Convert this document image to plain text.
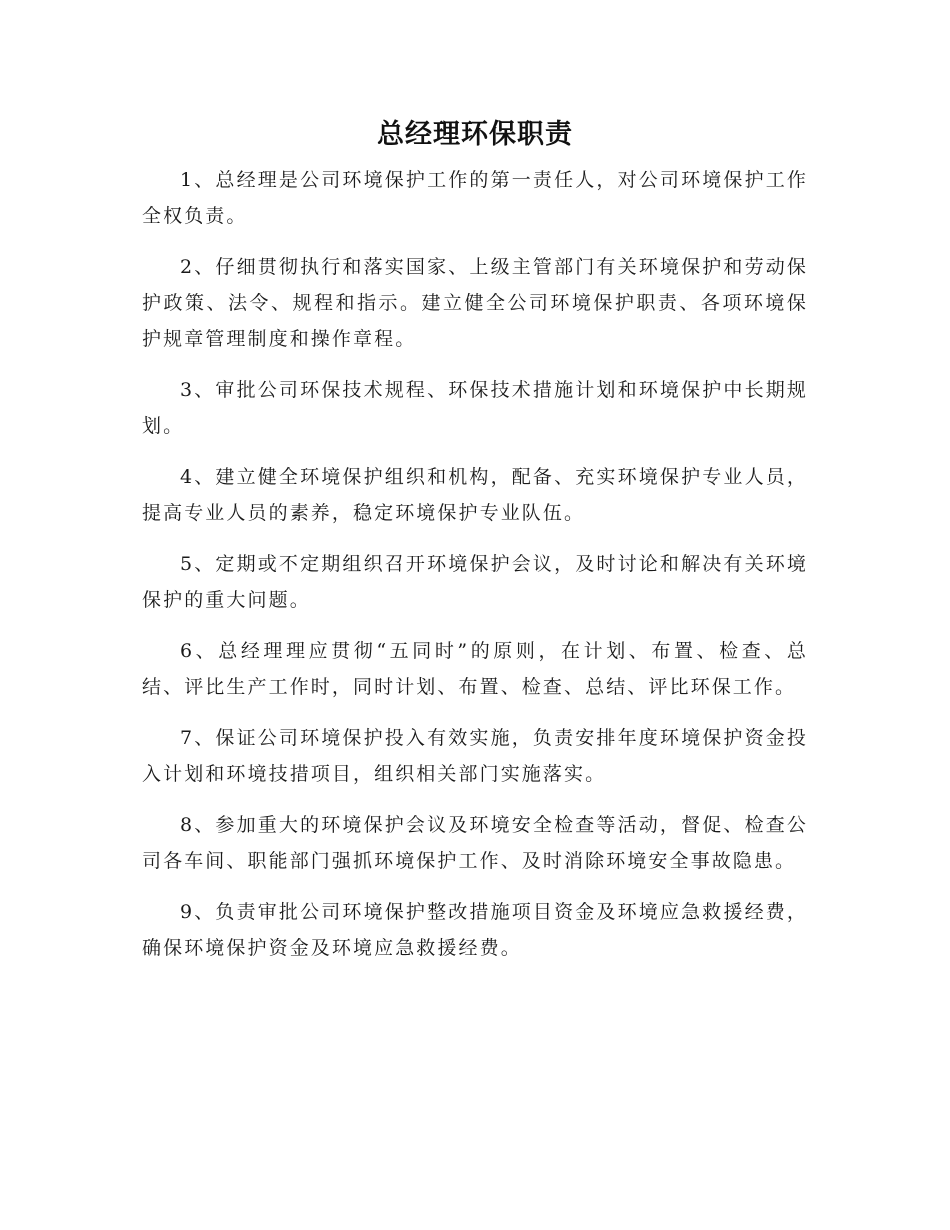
总经理环保职责

1、总经理是公司环境保护工作的第一责任人，对公司环境保护工作全权负责。

2、仔细贯彻执行和落实国家、上级主管部门有关环境保护和劳动保护政策、法令、规程和指示。建立健全公司环境保护职责、各项环境保护规章管理制度和操作章程。

3、审批公司环保技术规程、环保技术措施计划和环境保护中长期规划。

4、建立健全环境保护组织和机构，配备、充实环境保护专业人员，提高专业人员的素养，稳定环境保护专业队伍。

5、定期或不定期组织召开环境保护会议，及时讨论和解决有关环境保护的重大问题。

6、总经理理应贯彻“五同时”的原则，在计划、布置、检查、总结、评比生产工作时，同时计划、布置、检查、总结、评比环保工作。

7、保证公司环境保护投入有效实施，负责安排年度环境保护资金投入计划和环境技措项目，组织相关部门实施落实。

8、参加重大的环境保护会议及环境安全检查等活动，督促、检查公司各车间、职能部门强抓环境保护工作、及时消除环境安全事故隐患。

9、负责审批公司环境保护整改措施项目资金及环境应急救援经费，确保环境保护资金及环境应急救援经费。
